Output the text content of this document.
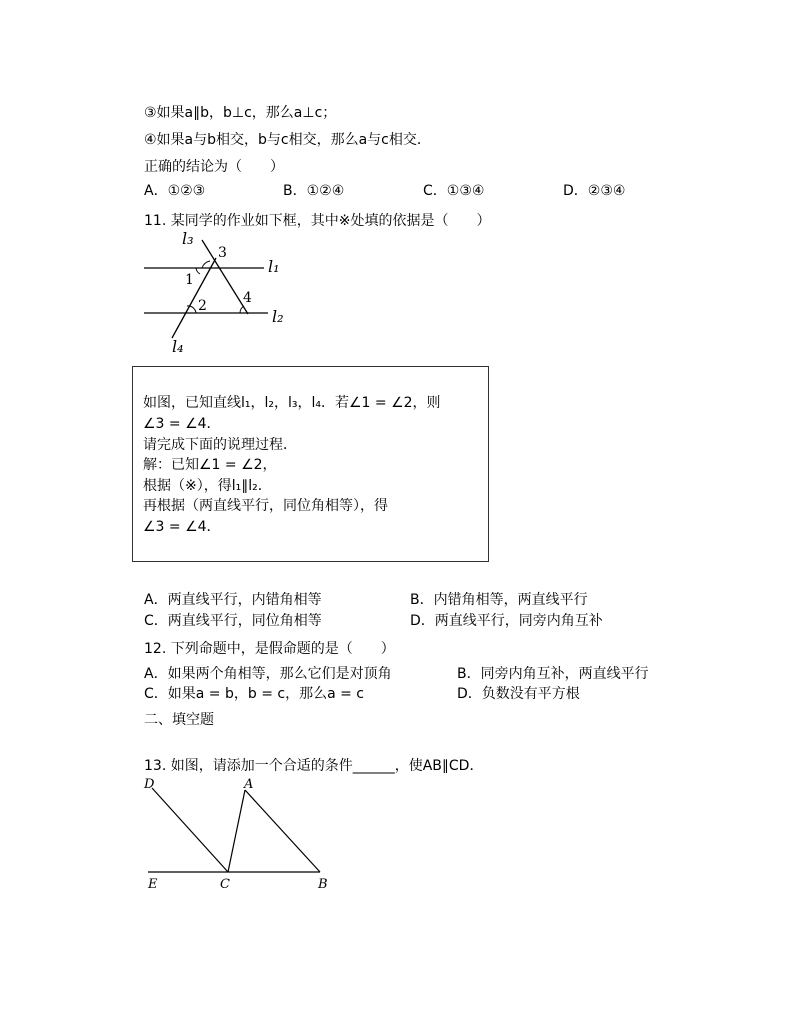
③如果a∥b，b⊥c，那么a⊥c；
④如果a与b相交，b与c相交，那么a与c相交．
正确的结论为（　　）
A．①②③	B．①②④	C．①③④	D．②③④
11. 某同学的作业如下框，其中※处填的依据是（　　）
l₃
l₁
l₂
l₄
1
2
3
4
如图，已知直线l₁，l₂，l₃，l₄．若∠1 = ∠2，则
∠3 = ∠4．
请完成下面的说理过程．
解：已知∠1 = ∠2，
根据（※），得l₁∥l₂．
再根据（两直线平行，同位角相等），得
∠3 = ∠4．
A．两直线平行，内错角相等	B．内错角相等，两直线平行
C．两直线平行，同位角相等	D．两直线平行，同旁内角互补
12. 下列命题中，是假命题的是（　　）
A．如果两个角相等，那么它们是对顶角	B．同旁内角互补，两直线平行
C．如果a = b，b = c，那么a = c	D．负数没有平方根
二、填空题
13. 如图，请添加一个合适的条件______，使AB∥CD．
D	A
E	C	B
